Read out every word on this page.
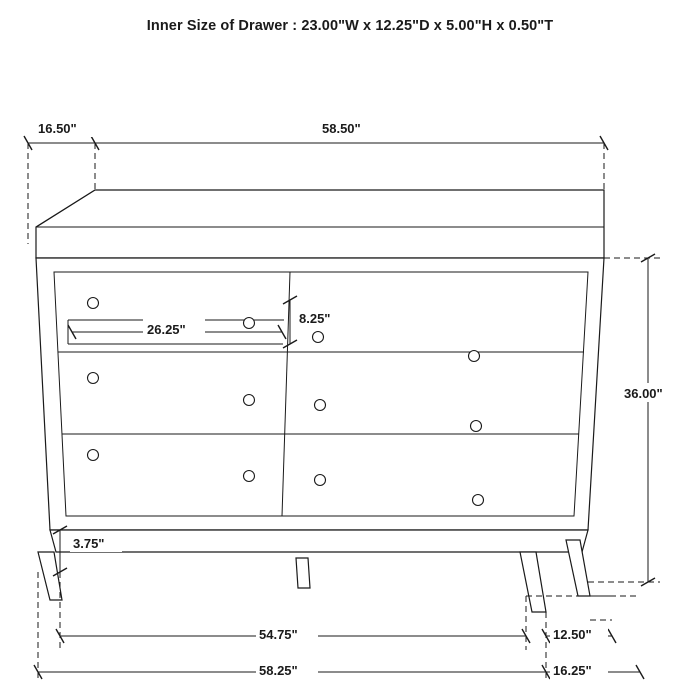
Inner Size of Drawer : 23.00"W x 12.25"D x 5.00"H x 0.50"T
16.50"	58.50"
36.00"
26.25"
8.25"
3.75"
54.75"
58.25"
12.50"
16.25"
